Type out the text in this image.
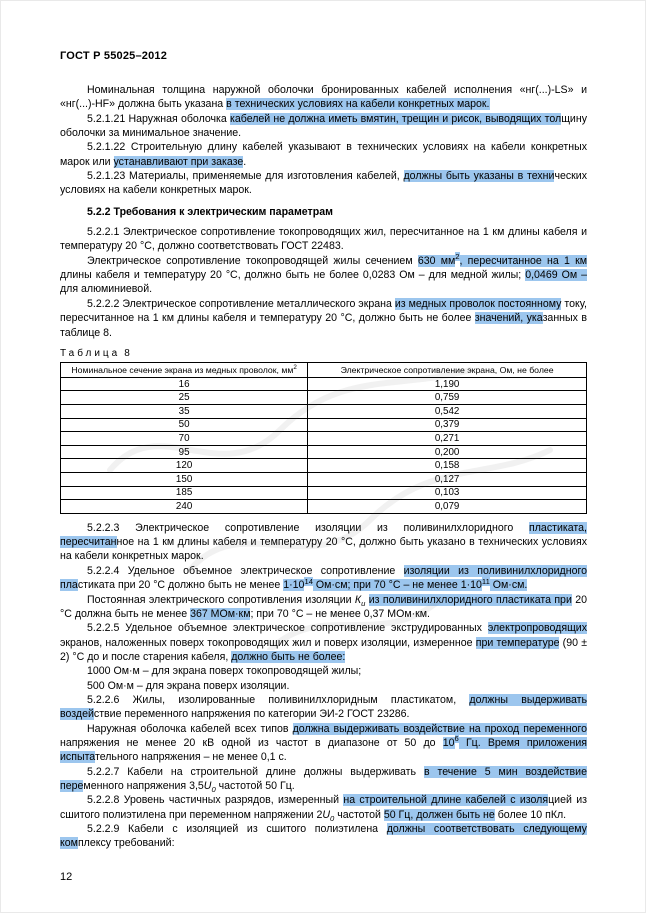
ГОСТ Р 55025–2012

Номинальная толщина наружной оболочки бронированных кабелей исполнения «нг(...)-LS» и «нг(...)-HF» должна быть указана в технических условиях на кабели конкретных марок.

5.2.1.21 Наружная оболочка кабелей не должна иметь вмятин, трещин и рисок, выводящих толщину оболочки за минимальное значение.

5.2.1.22 Строительную длину кабелей указывают в технических условиях на кабели конкретных марок или устанавливают при заказе.

5.2.1.23 Материалы, применяемые для изготовления кабелей, должны быть указаны в технических условиях на кабели конкретных марок.

5.2.2 Требования к электрическим параметрам

5.2.2.1 Электрическое сопротивление токопроводящих жил, пересчитанное на 1 км длины кабеля и температуру 20 °С, должно соответствовать ГОСТ 22483.

Электрическое сопротивление токопроводящей жилы сечением 630 $мм^2$, пересчитанное на 1 км длины кабеля и температуру 20 °С, должно быть не более 0,0283 Ом – для медной жилы; 0,0469 Ом – для алюминиевой.

5.2.2.2 Электрическое сопротивление металлического экрана из медных проволок постоянному току, пересчитанное на 1 км длины кабеля и температуру 20 °С, должно быть не более значений, указанных в таблице 8.

Таблица 8
Номинальное сечение экрана из медных проволок, $мм^2$	Электрическое сопротивление экрана, Ом, не более
16	1,190
25	0,759
35	0,542
50	0,379
70	0,271
95	0,200
120	0,158
150	0,127
185	0,103
240	0,079

5.2.2.3 Электрическое сопротивление изоляции из поливинилхлоридного пластиката, пересчитанное на 1 км длины кабеля и температуру 20 °С, должно быть указано в технических условиях на кабели конкретных марок.

5.2.2.4 Удельное объемное электрическое сопротивление изоляции из поливинилхлоридного пластиката при 20 °С должно быть не менее $1\cdot 10^{14}$ Ом·см; при 70 °С – не менее $1\cdot 10^{11}$ Ом·см.

Постоянная электрического сопротивления изоляции $К_и$ из поливинилхлоридного пластиката при 20 °С должна быть не менее 367 МОм·км; при 70 °С – не менее 0,37 МОм·км.

5.2.2.5 Удельное объемное электрическое сопротивление экструдированных электропроводящих экранов, наложенных поверх токопроводящих жил и поверх изоляции, измеренное при температуре (90 ± 2) °С до и после старения кабеля, должно быть не более:

1000 Ом·м – для экрана поверх токопроводящей жилы;

500 Ом·м – для экрана поверх изоляции.

5.2.2.6 Жилы, изолированные поливинилхлоридным пластикатом, должны выдерживать воздействие переменного напряжения по категории ЭИ-2 ГОСТ 23286.

Наружная оболочка кабелей всех типов должна выдерживать воздействие на проход переменного напряжения не менее 20 кВ одной из частот в диапазоне от 50 до $10^6$ Гц. Время приложения испытательного напряжения – не менее 0,1 с.

5.2.2.7 Кабели на строительной длине должны выдерживать в течение 5 мин воздействие переменного напряжения $3,5U_0$ частотой 50 Гц.

5.2.2.8 Уровень частичных разрядов, измеренный на строительной длине кабелей с изоляцией из сшитого полиэтилена при переменном напряжении $2U_0$ частотой 50 Гц, должен быть не более 10 пКл.

5.2.2.9 Кабели с изоляцией из сшитого полиэтилена должны соответствовать следующему комплексу требований:

12
